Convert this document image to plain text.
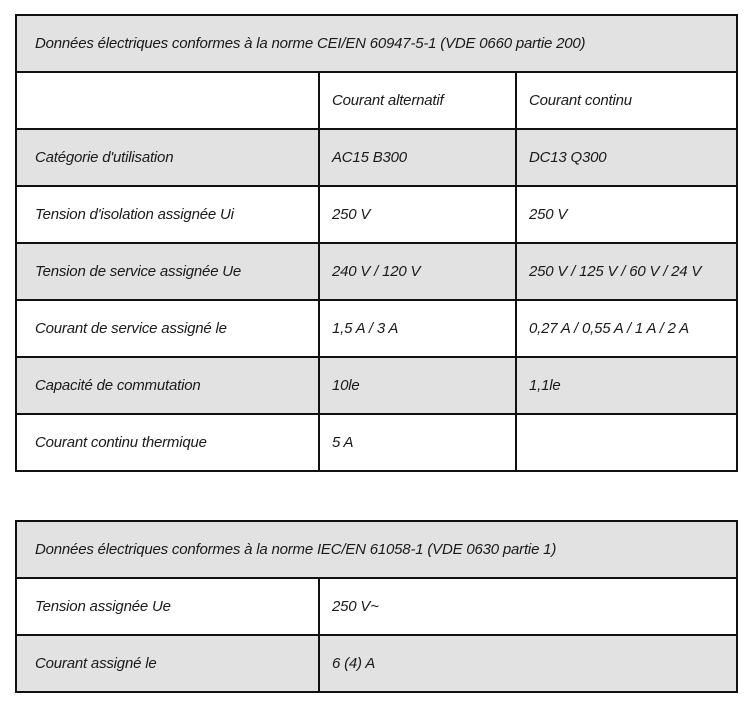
Données électriques conformes à la norme CEI/EN 60947-5-1 (VDE 0660 partie 200)		
	Courant alternatif	Courant continu
Catégorie d'utilisation	AC15 B300	DC13 Q300
Tension d'isolation assignée Ui	250 V	250 V
Tension de service assignée Ue	240 V / 120 V	250 V / 125 V / 60 V / 24 V
Courant de service assigné le	1,5 A / 3 A	0,27 A / 0,55 A / 1 A / 2 A
Capacité de commutation	10le	1,1le
Courant continu thermique	5 A	
Données électriques conformes à la norme IEC/EN 61058-1 (VDE 0630 partie 1)	
Tension assignée Ue	250 V~
Courant assigné le	6 (4) A
